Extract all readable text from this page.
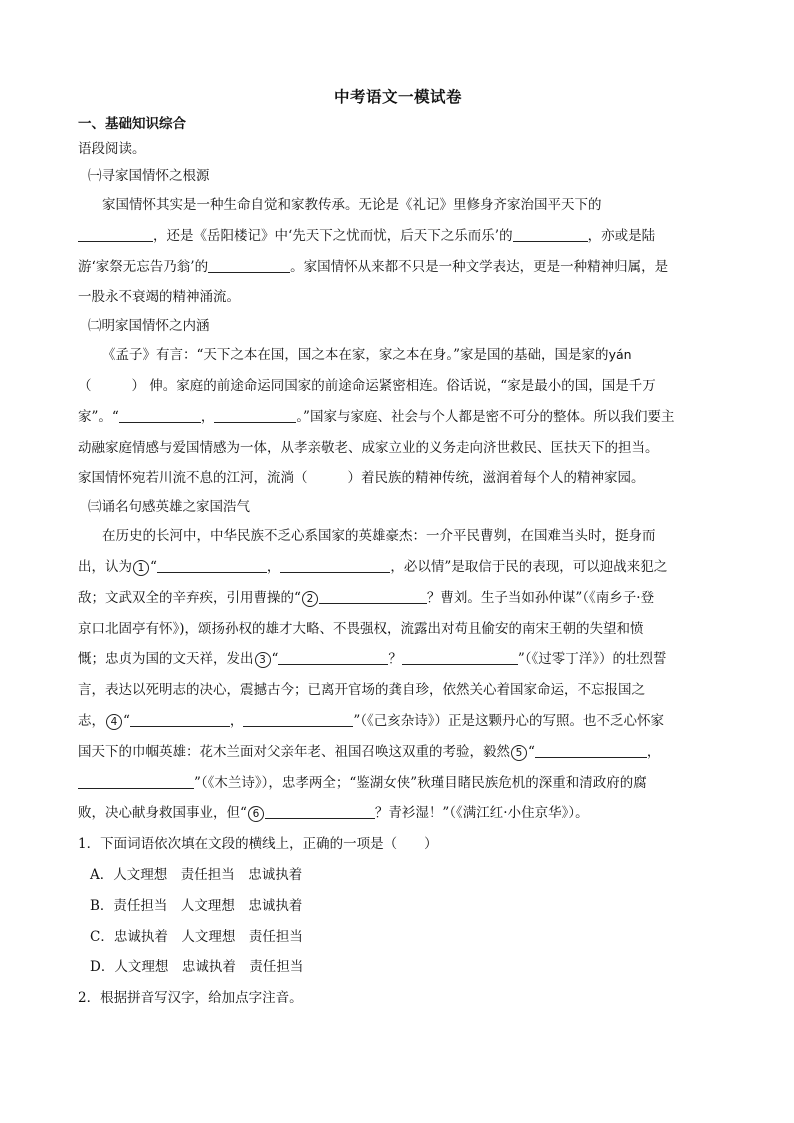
中考语文一模试卷
一、基础知识综合
语段阅读。
㈠寻家国情怀之根源
家国情怀其实是一种生命自觉和家教传承。无论是《礼记》里修身齐家治国平天下的
，还是《岳阳楼记》中‘先天下之忧而忧，后天下之乐而乐’的	，亦或是陆
游‘家祭无忘告乃翁’的	。家国情怀从来都不只是一种文学表达，更是一种精神归属，是
一股永不衰竭的精神涌流。
㈡明家国情怀之内涵
《孟子》有言：“天下之本在国，国之本在家，家之本在身。”家是国的基础，国是家的yán
（	） 伸。家庭的前途命运同国家的前途命运紧密相连。俗话说，“家是最小的国，国是千万
家”。“	，	。”国家与家庭、社会与个人都是密不可分的整体。所以我们要主
动融家庭情感与爱国情感为一体，从孝亲敬老、成家立业的义务走向济世救民、匡扶天下的担当。
家国情怀宛若川流不息的江河，流淌（	）着民族的精神传统，滋润着每个人的精神家园。
㈢诵名句感英雄之家国浩气
在历史的长河中，中华民族不乏心系国家的英雄豪杰：一介平民曹刿，在国难当头时，挺身而
出，认为 1 “	，	，必以情”是取信于民的表现，可以迎战来犯之
敌；文武双全的辛弃疾，引用曹操的“ 2	？曹刘。生子当如孙仲谋”（《南乡子·登
京口北固亭有怀》)，颂扬孙权的雄才大略、不畏强权，流露出对苟且偷安的南宋王朝的失望和愤
慨；忠贞为国的文天祥，发出 3 “	？	”（《过零丁洋》）的壮烈誓
言，表达以死明志的决心，震撼古今；已离开官场的龚自珍，依然关心着国家命运，不忘报国之
志， 4 “	，	”（《己亥杂诗》）正是这颗丹心的写照。也不乏心怀家
国天下的巾帼英雄：花木兰面对父亲年老、祖国召唤这双重的考验，毅然 5 “	，
”（《木兰诗》），忠孝两全；“鉴湖女侠”秋瑾目睹民族危机的深重和清政府的腐
败，决心献身救国事业，但“ 6	？青衫湿！”（《满江红·小住京华》）。
1．下面词语依次填在文段的横线上，正确的一项是（　　）
A．人文理想　责任担当　忠诚执着
B．责任担当　人文理想　忠诚执着
C．忠诚执着　人文理想　责任担当
D．人文理想　忠诚执着　责任担当
2．根据拼音写汉字，给加点字注音。
